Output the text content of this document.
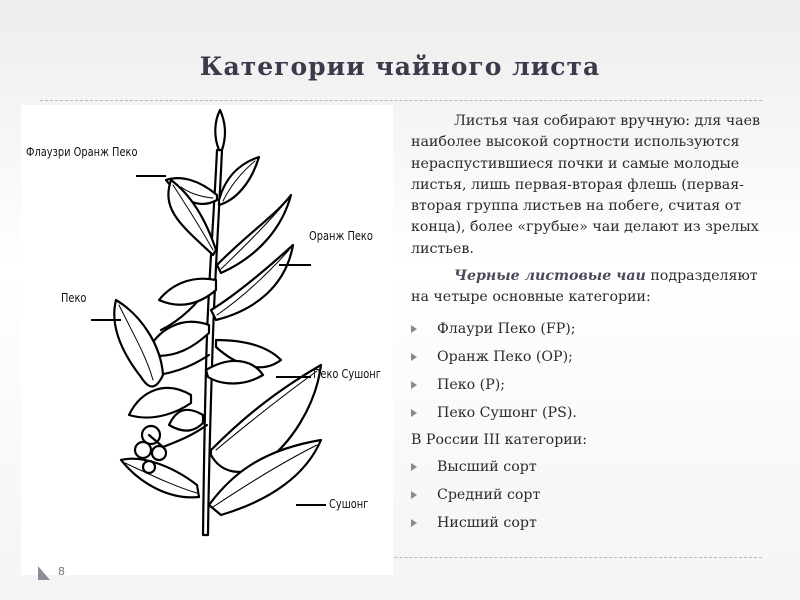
Категории чайного листа
Флаузри Оранж Пеко
Оранж Пеко
Пеко
Пеко Сушонг
Сушонг

Листья чая собирают вручную: для чаев наиболее высокой сортности используются нераспустившиеся почки и самые молодые листья, лишь первая-вторая флешь (первая-вторая группа листьев на побеге, считая от конца), более «грубые» чаи делают из зрелых листьев.

Черные листовые чаи подразделяют на четыре основные категории:

Флаури Пеко (FP);
Оранж Пеко (OP);
Пеко (P);
Пеко Сушонг (PS).

В России III категории:

Высший сорт
Средний сорт
Нисший сорт
8
